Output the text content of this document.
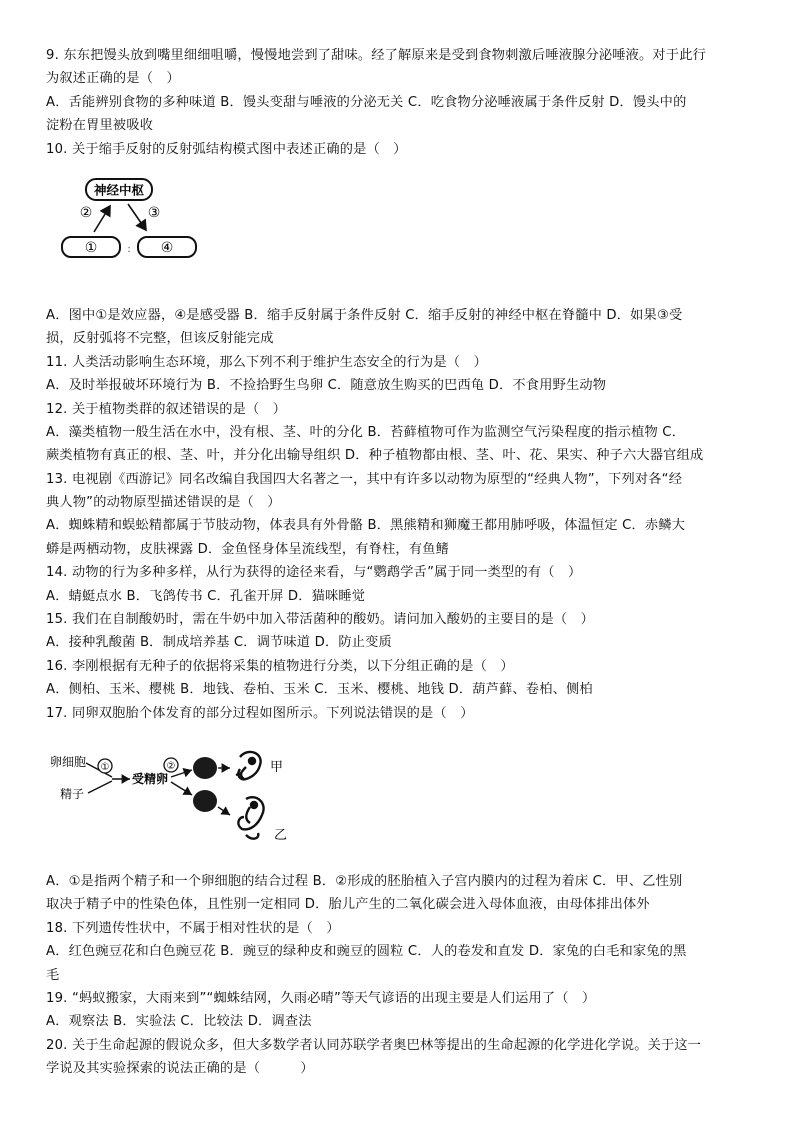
9. 东东把馒头放到嘴里细细咀嚼，慢慢地尝到了甜味。经了解原来是受到食物刺激后唾液腺分泌唾液。对于此行
为叙述正确的是（　）
A．舌能辨别食物的多种味道 B．馒头变甜与唾液的分泌无关 C．吃食物分泌唾液属于条件反射 D．馒头中的
淀粉在胃里被吸收
10. 关于缩手反射的反射弧结构模式图中表述正确的是（　）
神经中枢
②	③
①	: ④
A．图中①是效应器，④是感受器 B．缩手反射属于条件反射 C．缩手反射的神经中枢在脊髓中 D．如果③受
损，反射弧将不完整，但该反射能完成
11. 人类活动影响生态环境，那么下列不利于维护生态安全的行为是（　）
A．及时举报破坏环境行为 B．不捡拾野生鸟卵 C．随意放生购买的巴西龟 D．不食用野生动物
12. 关于植物类群的叙述错误的是（　）
A．藻类植物一般生活在水中，没有根、茎、叶的分化 B．苔藓植物可作为监测空气污染程度的指示植物 C．
蕨类植物有真正的根、茎、叶，并分化出输导组织 D．种子植物都由根、茎、叶、花、果实、种子六大器官组成
13. 电视剧《西游记》同名改编自我国四大名著之一，其中有许多以动物为原型的“经典人物”，下列对各“经
典人物”的动物原型描述错误的是（　）
A．蜘蛛精和蜈蚣精都属于节肢动物，体表具有外骨骼 B．黑熊精和狮魔王都用肺呼吸，体温恒定 C．赤鳞大
蟒是两栖动物，皮肤裸露 D．金鱼怪身体呈流线型，有脊柱，有鱼鳍
14. 动物的行为多种多样，从行为获得的途径来看，与“鹦鹉学舌”属于同一类型的有（　）
A．蜻蜓点水 B．飞鸽传书 C．孔雀开屏 D．猫咪睡觉
15. 我们在自制酸奶时，需在牛奶中加入带活菌种的酸奶。请问加入酸奶的主要目的是（　）
A．接种乳酸菌 B．制成培养基 C．调节味道 D．防止变质
16. 李刚根据有无种子的依据将采集的植物进行分类，以下分组正确的是（　）
A．侧柏、玉米、樱桃 B．地钱、卷柏、玉米 C．玉米、樱桃、地钱 D．葫芦藓、卷柏、侧柏
17. 同卵双胞胎个体发育的部分过程如图所示。下列说法错误的是（　）
卵细胞
精子
①
受精卵
②	甲
乙
A．①是指两个精子和一个卵细胞的结合过程 B．②形成的胚胎植入子宫内膜内的过程为着床 C．甲、乙性别
取决于精子中的性染色体，且性别一定相同 D．胎儿产生的二氧化碳会进入母体血液，由母体排出体外
18. 下列遗传性状中，不属于相对性状的是（　）
A．红色豌豆花和白色豌豆花 B．豌豆的绿种皮和豌豆的圆粒 C．人的卷发和直发 D．家兔的白毛和家兔的黑
毛
19. “蚂蚁搬家，大雨来到”“蜘蛛结网，久雨必晴”等天气谚语的出现主要是人们运用了（　）
A．观察法 B．实验法 C．比较法 D．调查法
20. 关于生命起源的假说众多，但大多数学者认同苏联学者奥巴林等提出的生命起源的化学进化学说。关于这一
学说及其实验探索的说法正确的是（　　　）
